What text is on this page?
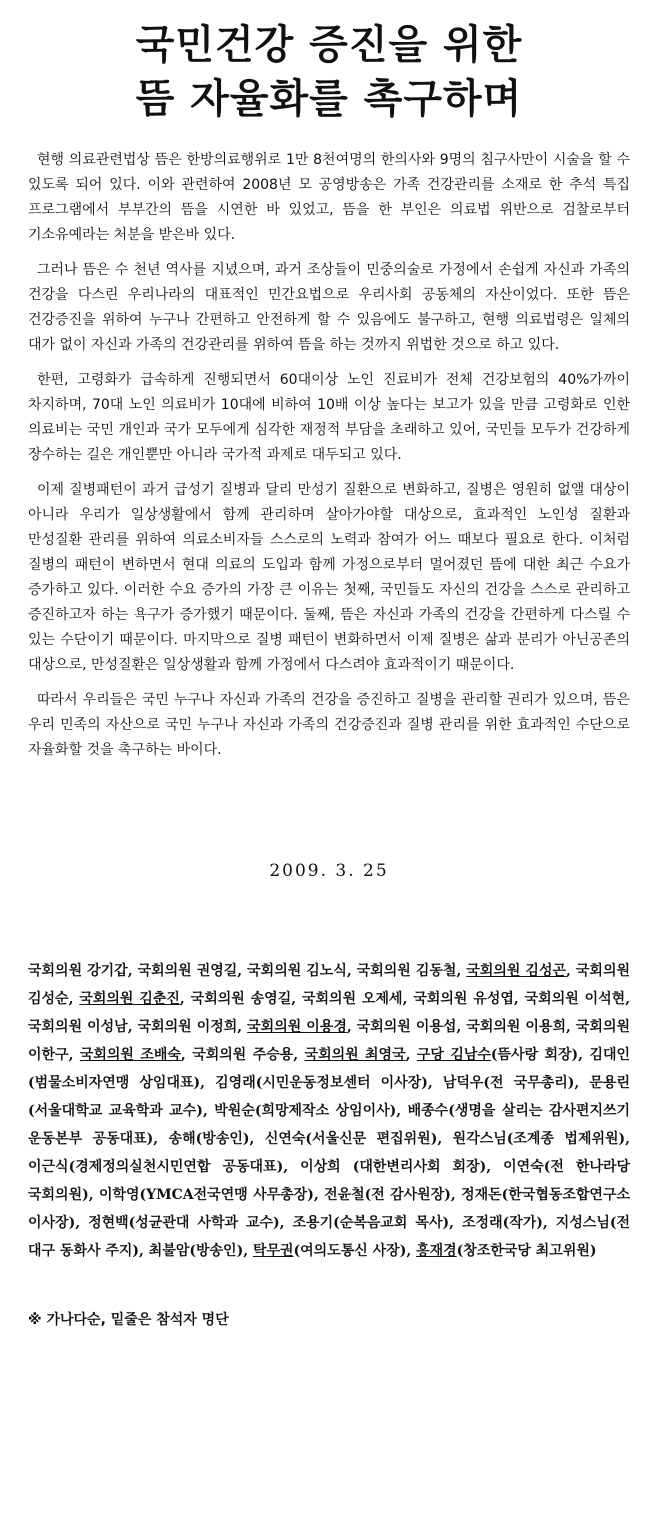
국민건강 증진을 위한
뜸 자율화를 촉구하며

현행 의료관련법상 뜸은 한방의료행위로 1만 8천여명의 한의사와 9명의 침구사만이 시술을 할 수 있도록 되어 있다. 이와 관련하여 2008년 모 공영방송은 가족 건강관리를 소재로 한 추석 특집 프로그램에서 부부간의 뜸을 시연한 바 있었고, 뜸을 한 부인은 의료법 위반으로 검찰로부터 기소유예라는 처분을 받은바 있다.

그러나 뜸은 수 천년 역사를 지녔으며, 과거 조상들이 민중의술로 가정에서 손쉽게 자신과 가족의 건강을 다스린 우리나라의 대표적인 민간요법으로 우리사회 공동체의 자산이었다. 또한 뜸은 건강증진을 위하여 누구나 간편하고 안전하게 할 수 있음에도 불구하고, 현행 의료법령은 일체의 대가 없이 자신과 가족의 건강관리를 위하여 뜸을 하는 것까지 위법한 것으로 하고 있다.

한편, 고령화가 급속하게 진행되면서 60대이상 노인 진료비가 전체 건강보험의 40%가까이 차지하며, 70대 노인 의료비가 10대에 비하여 10배 이상 높다는 보고가 있을 만큼 고령화로 인한 의료비는 국민 개인과 국가 모두에게 심각한 재정적 부담을 초래하고 있어, 국민들 모두가 건강하게 장수하는 길은 개인뿐만 아니라 국가적 과제로 대두되고 있다.

이제 질병패턴이 과거 급성기 질병과 달리 만성기 질환으로 변화하고, 질병은 영원히 없앨 대상이 아니라 우리가 일상생활에서 함께 관리하며 살아가야할 대상으로, 효과적인 노인성 질환과 만성질환 관리를 위하여 의료소비자들 스스로의 노력과 참여가 어느 때보다 필요로 한다. 이처럼 질병의 패턴이 변하면서 현대 의료의 도입과 함께 가정으로부터 멀어졌던 뜸에 대한 최근 수요가 증가하고 있다. 이러한 수요 증가의 가장 큰 이유는 첫째, 국민들도 자신의 건강을 스스로 관리하고 증진하고자 하는 욕구가 증가했기 때문이다. 둘째, 뜸은 자신과 가족의 건강을 간편하게 다스릴 수 있는 수단이기 때문이다. 마지막으로 질병 패턴이 변화하면서 이제 질병은 삶과 분리가 아닌공존의 대상으로, 만성질환은 일상생활과 함께 가정에서 다스려야 효과적이기 때문이다.

따라서 우리들은 국민 누구나 자신과 가족의 건강을 증진하고 질병을 관리할 권리가 있으며, 뜸은 우리 민족의 자산으로 국민 누구나 자신과 가족의 건강증진과 질병 관리를 위한 효과적인 수단으로 자율화할 것을 촉구하는 바이다.

2009. 3. 25
국회의원 강기갑, 국회의원 권영길, 국회의원 김노식, 국회의원 김동철, 국회의원 김성곤, 국회의원 김성순, 국회의원 김춘진, 국회의원 송영길, 국회의원 오제세, 국회의원 유성엽, 국회의원 이석현, 국회의원 이성남, 국회의원 이정희, 국회의원 이용경, 국회의원 이용섭, 국회의원 이용희, 국회의원 이한구, 국회의원 조배숙, 국회의원 주승용, 국회의원 최영국, 구당 김남수(뜸사랑 회장), 김대인(범물소비자연맹 상임대표), 김영래(시민운동정보센터 이사장), 남덕우(전 국무총리), 문용린(서울대학교 교육학과 교수), 박원순(희망제작소 상임이사), 배종수(생명을 살리는 감사편지쓰기 운동본부 공동대표), 송해(방송인), 신연숙(서울신문 편집위원), 원각스님(조계종 법제위원), 이근식(경제정의실천시민연합 공동대표), 이상희 (대한변리사회 회장), 이연숙(전 한나라당 국회의원), 이학영(YMCA전국연맹 사무총장), 전윤철(전 감사원장), 정재돈(한국협동조합연구소 이사장), 정현백(성균관대 사학과 교수), 조용기(순복음교회 목사), 조정래(작가), 지성스님(전 대구 동화사 주지), 최불암(방송인), 탁무권(여의도통신 사장), 홍재경(창조한국당 최고위원)
※ 가나다순, 밑줄은 참석자 명단
